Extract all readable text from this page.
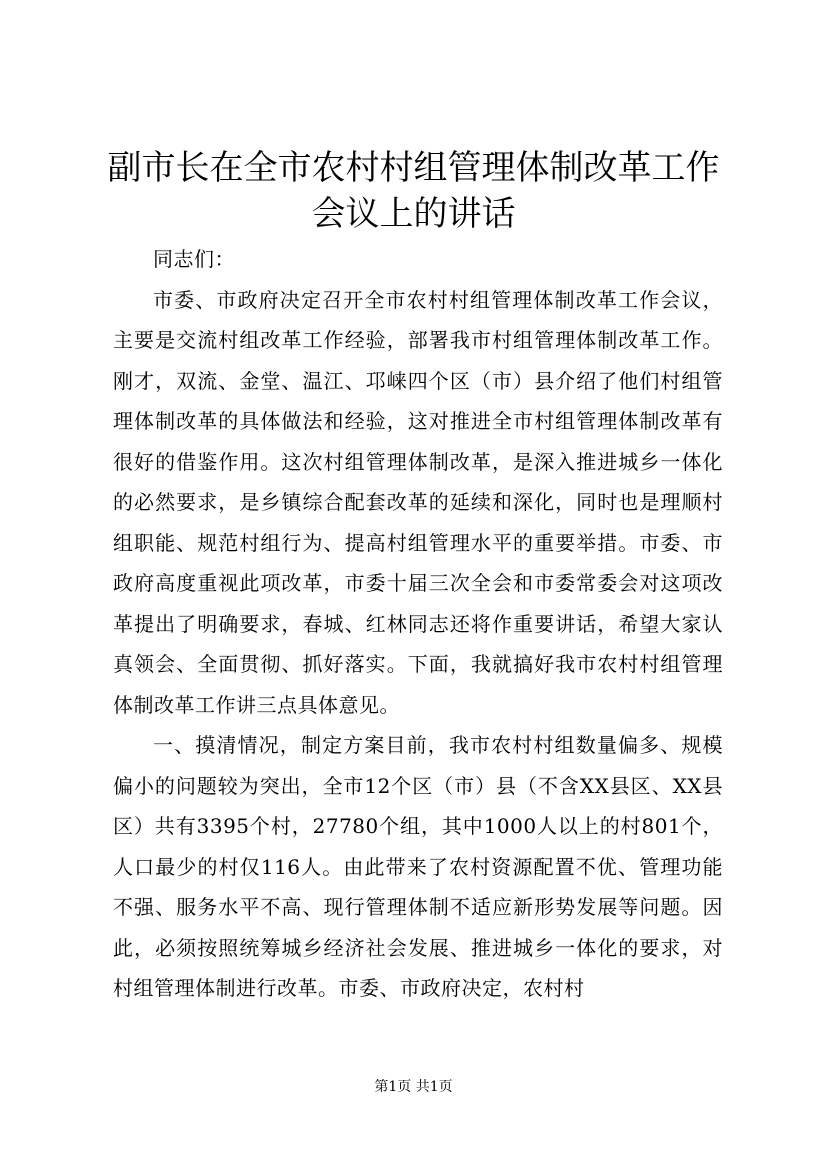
副市长在全市农村村组管理体制改革工作会议上的讲话

同志们：

市委、市政府决定召开全市农村村组管理体制改革工作会议，主要是交流村组改革工作经验，部署我市村组管理体制改革工作。刚才，双流、金堂、温江、邛崃四个区（市）县介绍了他们村组管理体制改革的具体做法和经验，这对推进全市村组管理体制改革有很好的借鉴作用。这次村组管理体制改革，是深入推进城乡一体化的必然要求，是乡镇综合配套改革的延续和深化，同时也是理顺村组职能、规范村组行为、提高村组管理水平的重要举措。市委、市政府高度重视此项改革，市委十届三次全会和市委常委会对这项改革提出了明确要求，春城、红林同志还将作重要讲话，希望大家认真领会、全面贯彻、抓好落实。下面，我就搞好我市农村村组管理体制改革工作讲三点具体意见。

一、摸清情况，制定方案目前，我市农村村组数量偏多、规模偏小的问题较为突出，全市12个区（市）县（不含XX县区、XX县区）共有3395个村，27780个组，其中1000人以上的村801个，人口最少的村仅116人。由此带来了农村资源配置不优、管理功能不强、服务水平不高、现行管理体制不适应新形势发展等问题。因此，必须按照统筹城乡经济社会发展、推进城乡一体化的要求，对村组管理体制进行改革。市委、市政府决定，农村村

第1页 共1页
